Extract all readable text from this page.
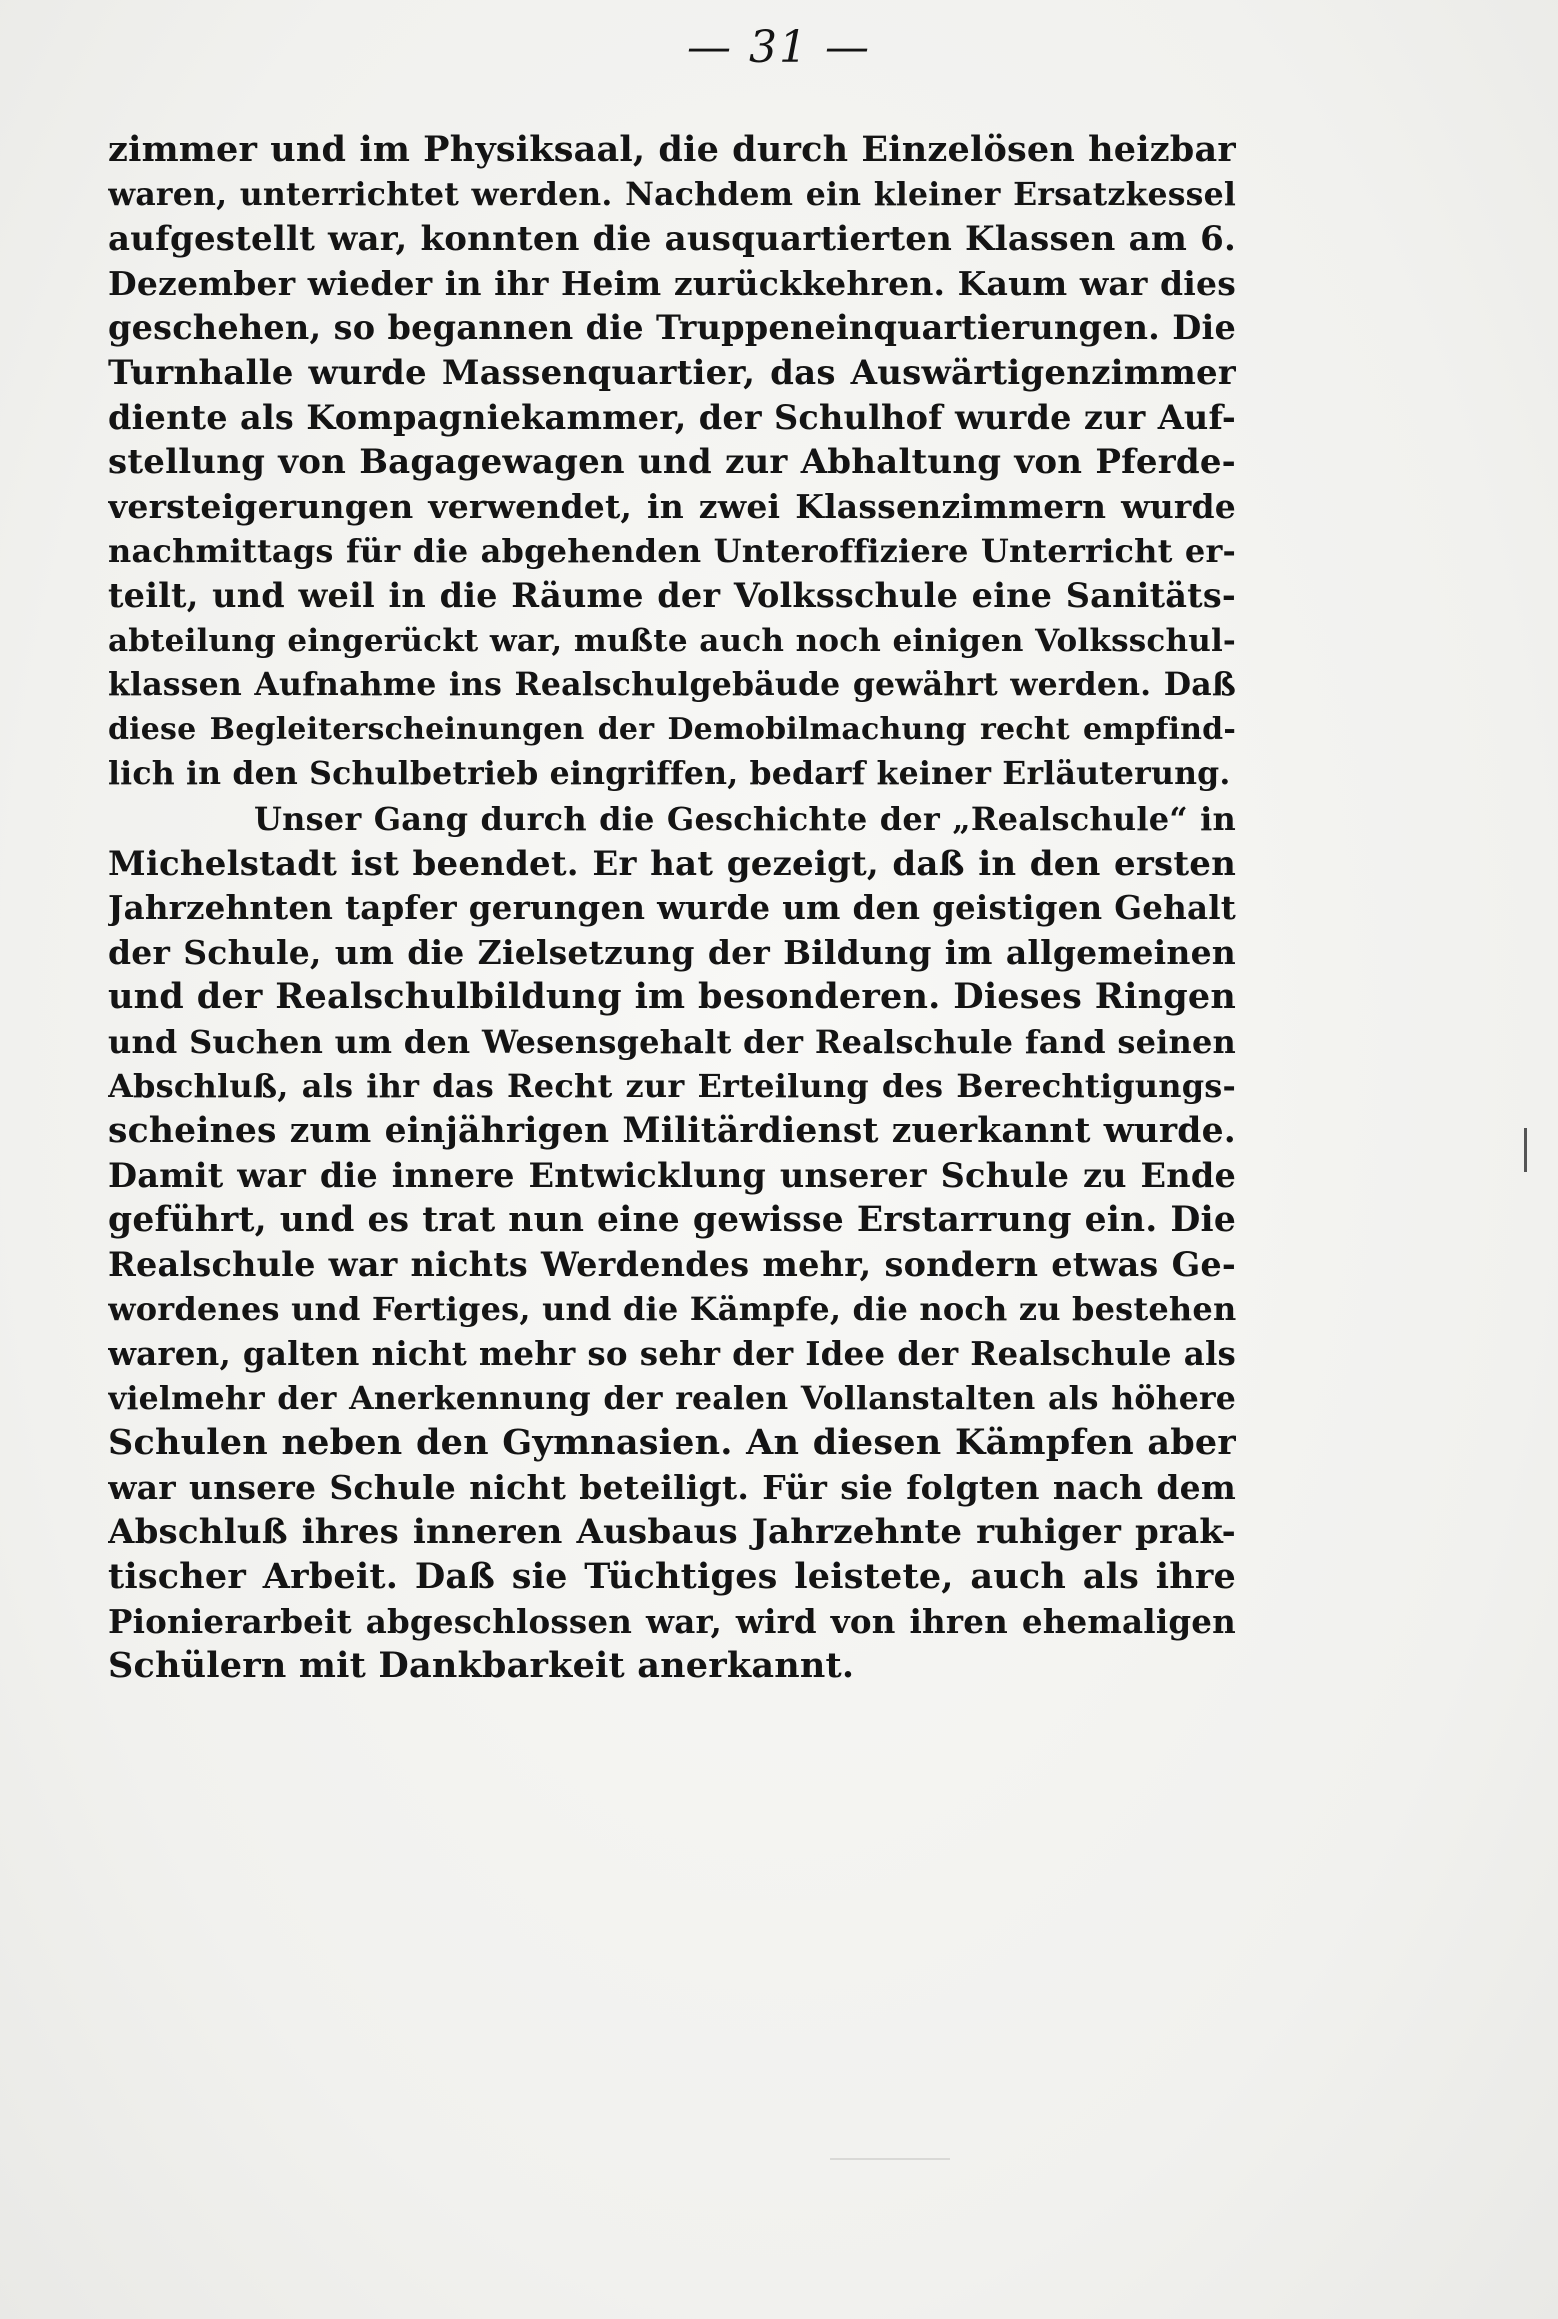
— 31 —
zimmer und im Physiksaal, die durch Einzelösen heizbar
waren, unterrichtet werden. Nachdem ein kleiner Ersatzkessel
aufgestellt war, konnten die ausquartierten Klassen am 6.
Dezember wieder in ihr Heim zurückkehren. Kaum war dies
geschehen, so begannen die Truppeneinquartierungen. Die
Turnhalle wurde Massenquartier, das Auswärtigenzimmer
diente als Kompagniekammer, der Schulhof wurde zur Auf-
stellung von Bagagewagen und zur Abhaltung von Pferde-
versteigerungen verwendet, in zwei Klassenzimmern wurde
nachmittags für die abgehenden Unteroffiziere Unterricht er-
teilt, und weil in die Räume der Volksschule eine Sanitäts-
abteilung eingerückt war, mußte auch noch einigen Volksschul-
klassen Aufnahme ins Realschulgebäude gewährt werden. Daß
diese Begleiterscheinungen der Demobilmachung recht empfind-
lich in den Schulbetrieb eingriffen, bedarf keiner Erläuterung.
Unser Gang durch die Geschichte der „Realschule“ in
Michelstadt ist beendet. Er hat gezeigt, daß in den ersten
Jahrzehnten tapfer gerungen wurde um den geistigen Gehalt
der Schule, um die Zielsetzung der Bildung im allgemeinen
und der Realschulbildung im besonderen. Dieses Ringen
und Suchen um den Wesensgehalt der Realschule fand seinen
Abschluß, als ihr das Recht zur Erteilung des Berechtigungs-
scheines zum einjährigen Militärdienst zuerkannt wurde.
Damit war die innere Entwicklung unserer Schule zu Ende
geführt, und es trat nun eine gewisse Erstarrung ein. Die
Realschule war nichts Werdendes mehr, sondern etwas Ge-
wordenes und Fertiges, und die Kämpfe, die noch zu bestehen
waren, galten nicht mehr so sehr der Idee der Realschule als
vielmehr der Anerkennung der realen Vollanstalten als höhere
Schulen neben den Gymnasien. An diesen Kämpfen aber
war unsere Schule nicht beteiligt. Für sie folgten nach dem
Abschluß ihres inneren Ausbaus Jahrzehnte ruhiger prak-
tischer Arbeit. Daß sie Tüchtiges leistete, auch als ihre
Pionierarbeit abgeschlossen war, wird von ihren ehemaligen
Schülern mit Dankbarkeit anerkannt.
